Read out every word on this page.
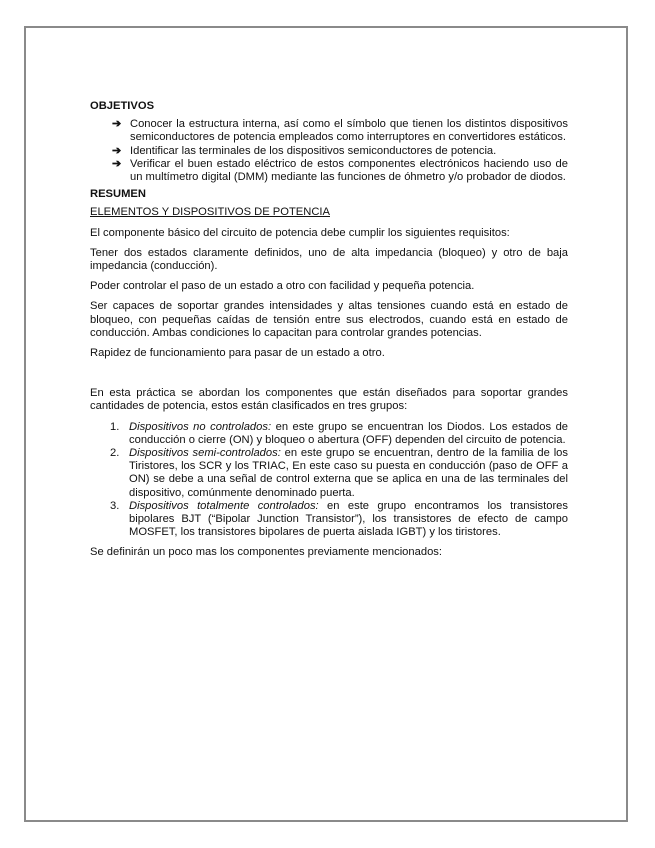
OBJETIVOS
➔ Conocer la estructura interna, así como el símbolo que tienen los distintos dispositivos semiconductores de potencia empleados como interruptores en convertidores estáticos.
➔ Identificar las terminales de los dispositivos semiconductores de potencia.
➔ Verificar el buen estado eléctrico de estos componentes electrónicos haciendo uso de un multímetro digital (DMM) mediante las funciones de óhmetro y/o probador de diodos.
RESUMEN
ELEMENTOS Y DISPOSITIVOS DE POTENCIA

El componente básico del circuito de potencia debe cumplir los siguientes requisitos:

Tener dos estados claramente definidos, uno de alta impedancia (bloqueo) y otro de baja impedancia (conducción).

Poder controlar el paso de un estado a otro con facilidad y pequeña potencia.

Ser capaces de soportar grandes intensidades y altas tensiones cuando está en estado de bloqueo, con pequeñas caídas de tensión entre sus electrodos, cuando está en estado de conducción. Ambas condiciones lo capacitan para controlar grandes potencias.

Rapidez de funcionamiento para pasar de un estado a otro.

En esta práctica se abordan los componentes que están diseñados para soportar grandes cantidades de potencia, estos están clasificados en tres grupos:

1. Dispositivos no controlados: en este grupo se encuentran los Diodos. Los estados de conducción o cierre (ON) y bloqueo o abertura (OFF) dependen del circuito de potencia.
2. Dispositivos semi-controlados: en este grupo se encuentran, dentro de la familia de los Tiristores, los SCR y los TRIAC, En este caso su puesta en conducción (paso de OFF a ON) se debe a una señal de control externa que se aplica en una de las terminales del dispositivo, comúnmente denominado puerta.
3. Dispositivos totalmente controlados: en este grupo encontramos los transistores bipolares BJT (“Bipolar Junction Transistor”), los transistores de efecto de campo MOSFET, los transistores bipolares de puerta aislada IGBT) y los tiristores.

Se definirán un poco mas los componentes previamente mencionados:
